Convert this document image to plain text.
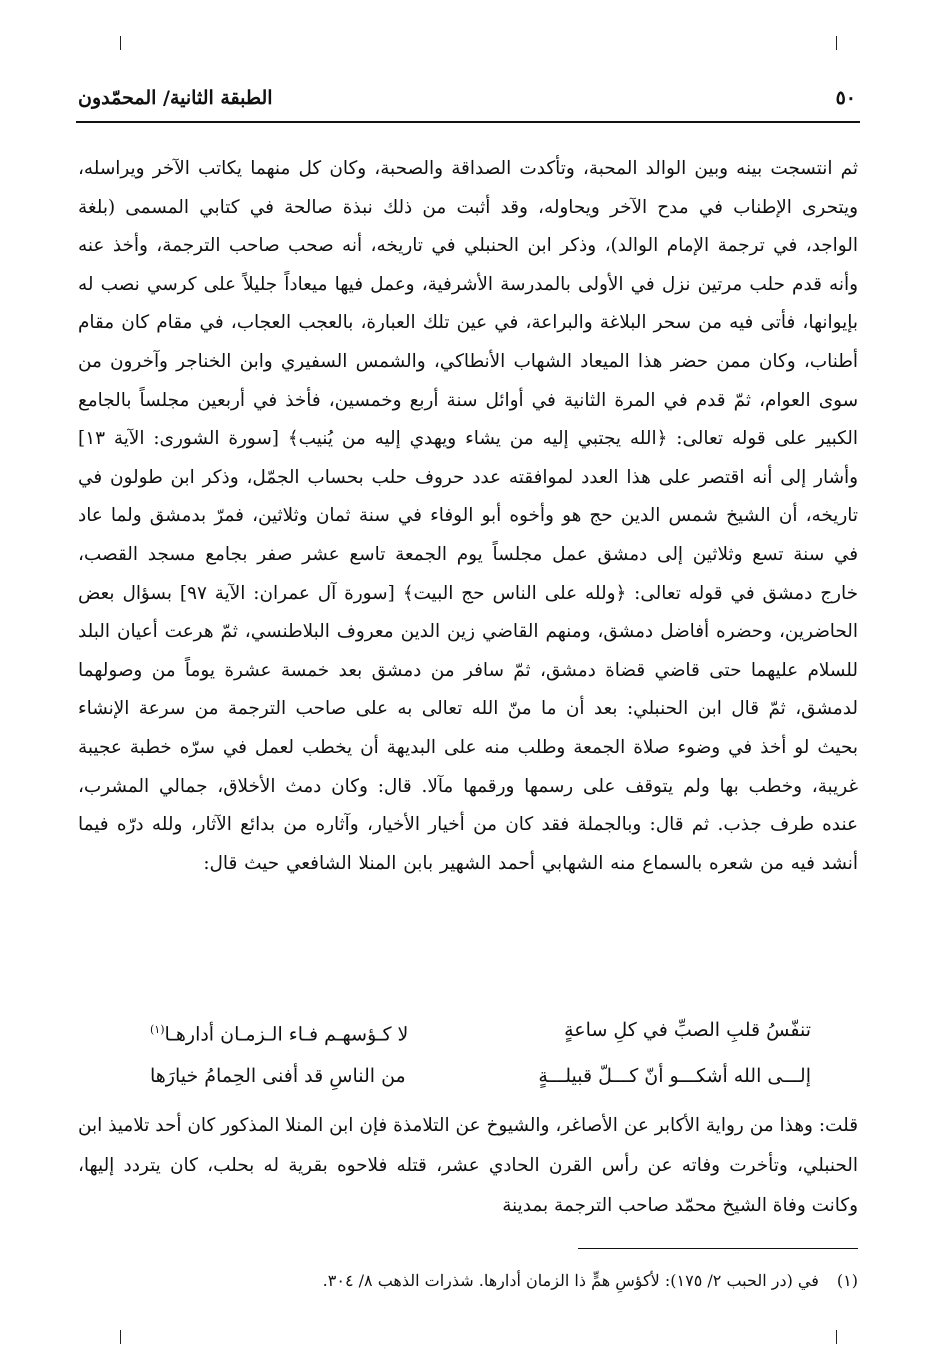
٥٠
الطبقة الثانية/ المحمّدون

ثم انتسجت بينه وبين الوالد المحبة، وتأكدت الصداقة والصحبة، وكان كل منهما يكاتب الآخر ويراسله، ويتحرى الإطناب في مدح الآخر ويحاوله، وقد أثبت من ذلك نبذة صالحة في كتابي المسمى (بلغة الواجد، في ترجمة الإمام الوالد)، وذكر ابن الحنبلي في تاريخه، أنه صحب صاحب الترجمة، وأخذ عنه وأنه قدم حلب مرتين نزل في الأولى بالمدرسة الأشرفية، وعمل فيها ميعاداً جليلاً على كرسي نصب له بإيوانها، فأتى فيه من سحر البلاغة والبراعة، في عين تلك العبارة، بالعجب العجاب، في مقام كان مقام أطناب، وكان ممن حضر هذا الميعاد الشهاب الأنطاكي، والشمس السفيري وابن الخناجر وآخرون من سوى العوام، ثمّ قدم في المرة الثانية في أوائل سنة أربع وخمسين، فأخذ في أربعين مجلساً بالجامع الكبير على قوله تعالى: ﴿الله يجتبي إليه من يشاء ويهدي إليه من يُنيب﴾ [سورة الشورى: الآية ١٣] وأشار إلى أنه اقتصر على هذا العدد لموافقته عدد حروف حلب بحساب الجمّل، وذكر ابن طولون في تاريخه، أن الشيخ شمس الدين حج هو وأخوه أبو الوفاء في سنة ثمان وثلاثين، فمرّ بدمشق ولما عاد في سنة تسع وثلاثين إلى دمشق عمل مجلساً يوم الجمعة تاسع عشر صفر بجامع مسجد القصب، خارج دمشق في قوله تعالى: ﴿ولله على الناس حج البيت﴾ [سورة آل عمران: الآية ٩٧] بسؤال بعض الحاضرين، وحضره أفاضل دمشق، ومنهم القاضي زين الدين معروف البلاطنسي، ثمّ هرعت أعيان البلد للسلام عليهما حتى قاضي قضاة دمشق، ثمّ سافر من دمشق بعد خمسة عشرة يوماً من وصولهما لدمشق، ثمّ قال ابن الحنبلي: بعد أن ما منّ الله تعالى به على صاحب الترجمة من سرعة الإنشاء بحيث لو أخذ في وضوء صلاة الجمعة وطلب منه على البديهة أن يخطب لعمل في سرّه خطبة عجيبة غريبة، وخطب بها ولم يتوقف على رسمها ورقمها مآلا. قال: وكان دمث الأخلاق، جمالي المشرب، عنده طرف جذب. ثم قال: وبالجملة فقد كان من أخيار الأخيار، وآثاره من بدائع الآثار، ولله درّه فيما أنشد فيه من شعره بالسماع منه الشهابي أحمد الشهير بابن المنلا الشافعي حيث قال:

تنفّسُ قلبِ الصبِّ في كلِ ساعةٍ
لا كـؤسهـم فـاء الـزمـان أدارهـا$^{(١)}$
إلـــى الله أشكـــو أنّ كـــلّ قبيلـــةٍ
من الناسِ قد أفنى الحِمامُ خيارَها

قلت: وهذا من رواية الأكابر عن الأصاغر، والشيوخ عن التلامذة فإن ابن المنلا المذكور كان أحد تلاميذ ابن الحنبلي، وتأخرت وفاته عن رأس القرن الحادي عشر، قتله فلاحوه بقرية له بحلب، كان يتردد إليها، وكانت وفاة الشيخ محمّد صاحب الترجمة بمدينة

(١)في (در الحبب ٢/ ١٧٥): لأكؤسِ همٍّ ذا الزمان أدارها. شذرات الذهب ٨/ ٣٠٤.
